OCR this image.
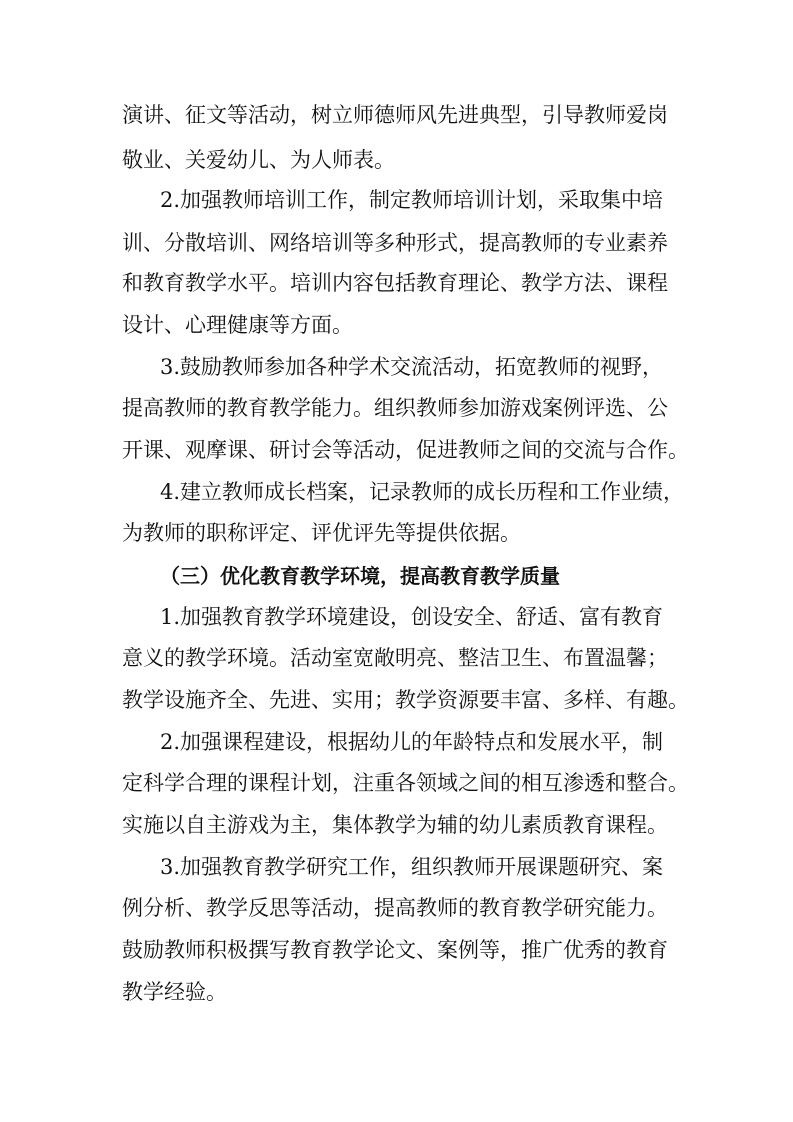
演讲、征文等活动，树立师德师风先进典型，引导教师爱岗

敬业、关爱幼儿、为人师表。

2.加强教师培训工作，制定教师培训计划，采取集中培

训、分散培训、网络培训等多种形式，提高教师的专业素养

和教育教学水平。培训内容包括教育理论、教学方法、课程

设计、心理健康等方面。

3.鼓励教师参加各种学术交流活动，拓宽教师的视野，

提高教师的教育教学能力。组织教师参加游戏案例评选、公

开课、观摩课、研讨会等活动，促进教师之间的交流与合作。

4.建立教师成长档案，记录教师的成长历程和工作业绩，

为教师的职称评定、评优评先等提供依据。

（三）优化教育教学环境，提高教育教学质量

1.加强教育教学环境建设，创设安全、舒适、富有教育

意义的教学环境。活动室宽敞明亮、整洁卫生、布置温馨；

教学设施齐全、先进、实用；教学资源要丰富、多样、有趣。

2.加强课程建设，根据幼儿的年龄特点和发展水平，制

定科学合理的课程计划，注重各领域之间的相互渗透和整合。

实施以自主游戏为主，集体教学为辅的幼儿素质教育课程。

3.加强教育教学研究工作，组织教师开展课题研究、案

例分析、教学反思等活动，提高教师的教育教学研究能力。

鼓励教师积极撰写教育教学论文、案例等，推广优秀的教育

教学经验。
